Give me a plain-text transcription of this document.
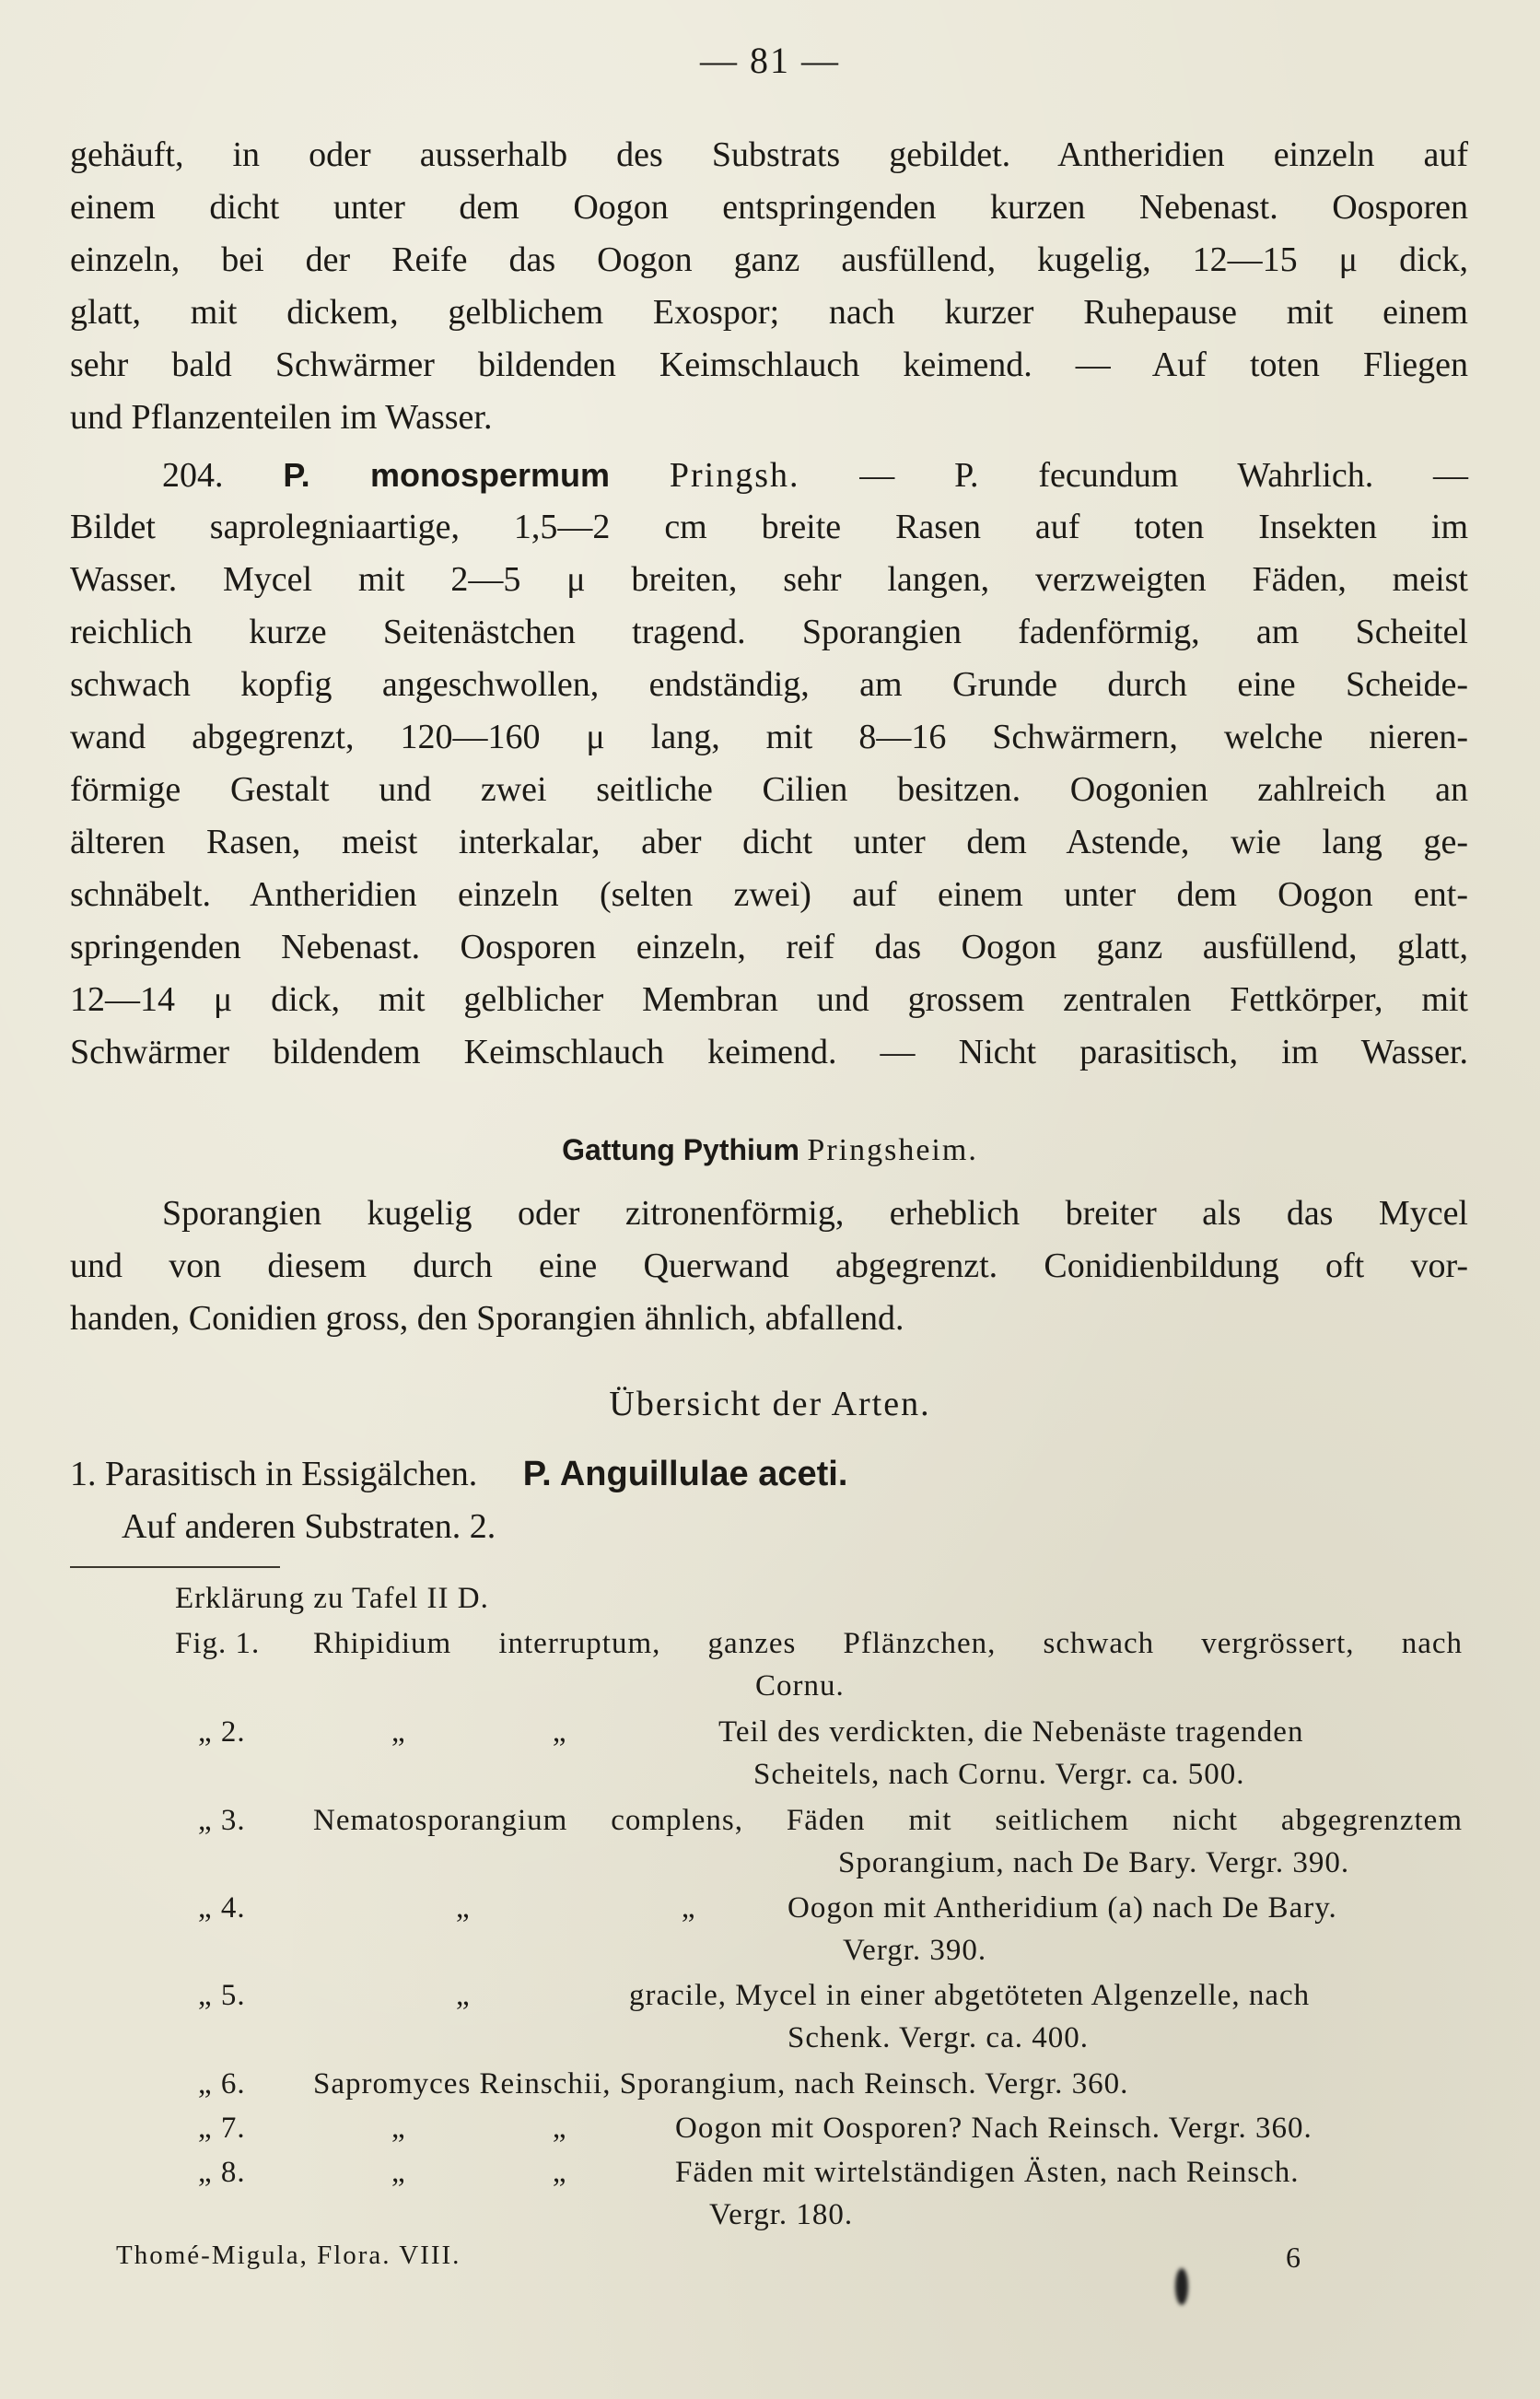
— 81 —
gehäuft, in oder ausserhalb des Substrats gebildet. Antheridien einzeln auf
einem dicht unter dem Oogon entspringenden kurzen Nebenast. Oosporen
einzeln, bei der Reife das Oogon ganz ausfüllend, kugelig, 12—15 μ dick,
glatt, mit dickem, gelblichem Exospor; nach kurzer Ruhepause mit einem
sehr bald Schwärmer bildenden Keimschlauch keimend. — Auf toten Fliegen
und Pflanzenteilen im Wasser.
204. P. monospermum Pringsh. — P. fecundum Wahrlich. —
Bildet saprolegniaartige, 1,5—2 cm breite Rasen auf toten Insekten im
Wasser. Mycel mit 2—5 μ breiten, sehr langen, verzweigten Fäden, meist
reichlich kurze Seitenästchen tragend. Sporangien fadenförmig, am Scheitel
schwach kopfig angeschwollen, endständig, am Grunde durch eine Scheide-
wand abgegrenzt, 120—160 μ lang, mit 8—16 Schwärmern, welche nieren-
förmige Gestalt und zwei seitliche Cilien besitzen. Oogonien zahlreich an
älteren Rasen, meist interkalar, aber dicht unter dem Astende, wie lang ge-
schnäbelt. Antheridien einzeln (selten zwei) auf einem unter dem Oogon ent-
springenden Nebenast. Oosporen einzeln, reif das Oogon ganz ausfüllend, glatt,
12—14 μ dick, mit gelblicher Membran und grossem zentralen Fettkörper, mit
Schwärmer bildendem Keimschlauch keimend. — Nicht parasitisch, im Wasser.
Gattung Pythium Pringsheim.
Sporangien kugelig oder zitronenförmig, erheblich breiter als das Mycel
und von diesem durch eine Querwand abgegrenzt. Conidienbildung oft vor-
handen, Conidien gross, den Sporangien ähnlich, abfallend.
Übersicht der Arten.
1. Parasitisch in Essigälchen. P. Anguillulae aceti.
Auf anderen Substraten. 2.
Erklärung zu Tafel II D.
Fig. 1. Rhipidium interruptum, ganzes Pflänzchen, schwach vergrössert, nach
Cornu.
„ 2.	„ „	Teil des verdickten, die Nebenäste tragenden
Scheitels, nach Cornu. Vergr. ca. 500.
„ 3. Nematosporangium complens, Fäden mit seitlichem nicht abgegrenztem
Sporangium, nach De Bary. Vergr. 390.
„ 4.	„ „	Oogon mit Antheridium (a) nach De Bary.
Vergr. 390.
„ 5.	„	gracile, Mycel in einer abgetöteten Algenzelle, nach
Schenk. Vergr. ca. 400.
„ 6. Sapromyces Reinschii, Sporangium, nach Reinsch. Vergr. 360.
„ 7.	„ „	Oogon mit Oosporen? Nach Reinsch. Vergr. 360.
„ 8.	„ „	Fäden mit wirtelständigen Ästen, nach Reinsch.
Vergr. 180.
Thomé-Migula, Flora. VIII.	6
